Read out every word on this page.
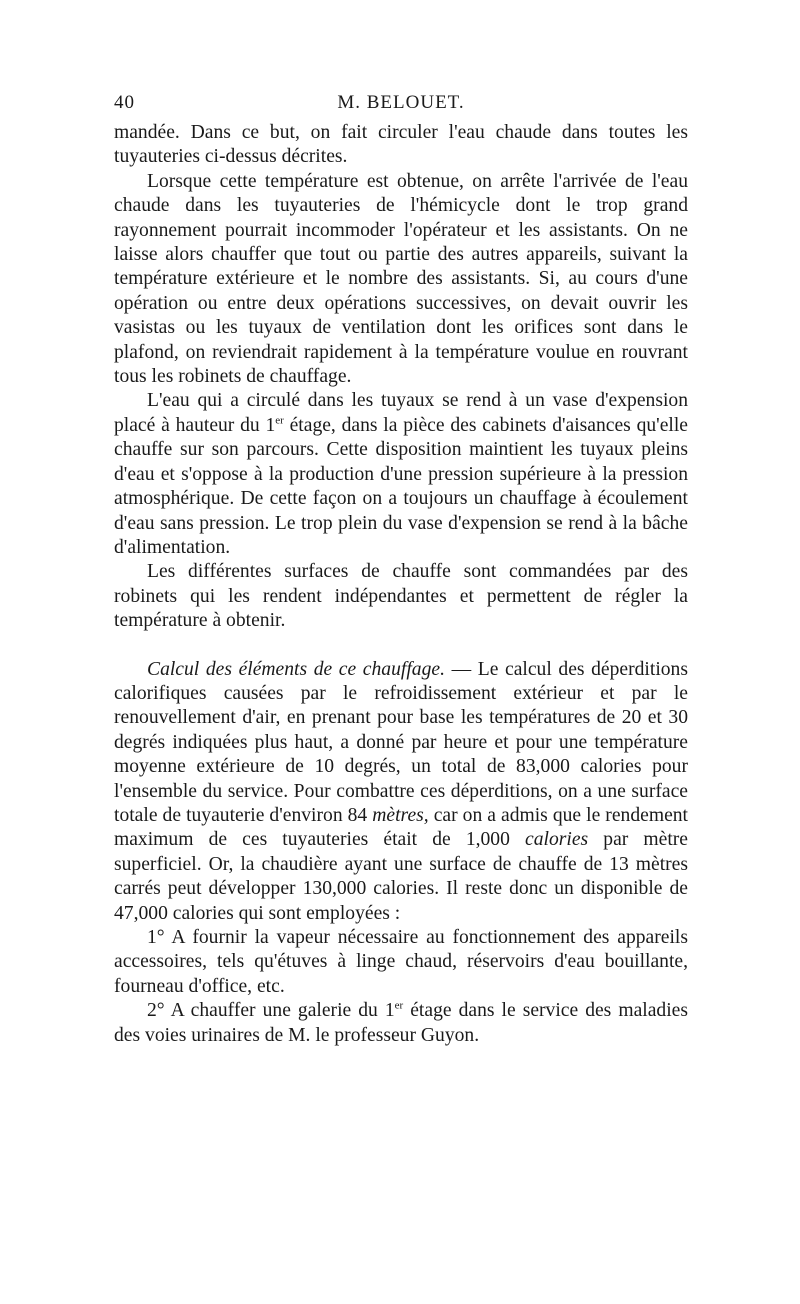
40	M. BELOUET.

mandée. Dans ce but, on fait circuler l'eau chaude dans toutes les tuyauteries ci-dessus décrites.

Lorsque cette température est obtenue, on arrête l'arrivée de l'eau chaude dans les tuyauteries de l'hémicycle dont le trop grand rayonnement pourrait incommoder l'opérateur et les assistants. On ne laisse alors chauffer que tout ou partie des autres appareils, suivant la température extérieure et le nombre des assistants. Si, au cours d'une opération ou entre deux opérations successives, on devait ouvrir les vasistas ou les tuyaux de ventilation dont les orifices sont dans le plafond, on reviendrait rapidement à la température voulue en rouvrant tous les robinets de chauffage.

L'eau qui a circulé dans les tuyaux se rend à un vase d'expension placé à hauteur du 1er étage, dans la pièce des cabinets d'aisances qu'elle chauffe sur son parcours. Cette disposition maintient les tuyaux pleins d'eau et s'oppose à la production d'une pression supérieure à la pression atmosphérique. De cette façon on a toujours un chauffage à écoulement d'eau sans pression. Le trop plein du vase d'expension se rend à la bâche d'alimentation.

Les différentes surfaces de chauffe sont commandées par des robinets qui les rendent indépendantes et permettent de régler la température à obtenir.

Calcul des éléments de ce chauffage. — Le calcul des déperditions calorifiques causées par le refroidissement extérieur et par le renouvellement d'air, en prenant pour base les températures de 20 et 30 degrés indiquées plus haut, a donné par heure et pour une température moyenne extérieure de 10 degrés, un total de 83,000 calories pour l'ensemble du service. Pour combattre ces déperditions, on a une surface totale de tuyauterie d'environ 84 mètres, car on a admis que le rendement maximum de ces tuyauteries était de 1,000 calories par mètre superficiel. Or, la chaudière ayant une surface de chauffe de 13 mètres carrés peut développer 130,000 calories. Il reste donc un disponible de 47,000 calories qui sont employées :

1° A fournir la vapeur nécessaire au fonctionnement des appareils accessoires, tels qu'étuves à linge chaud, réservoirs d'eau bouillante, fourneau d'office, etc.

2° A chauffer une galerie du 1er étage dans le service des maladies des voies urinaires de M. le professeur Guyon.
